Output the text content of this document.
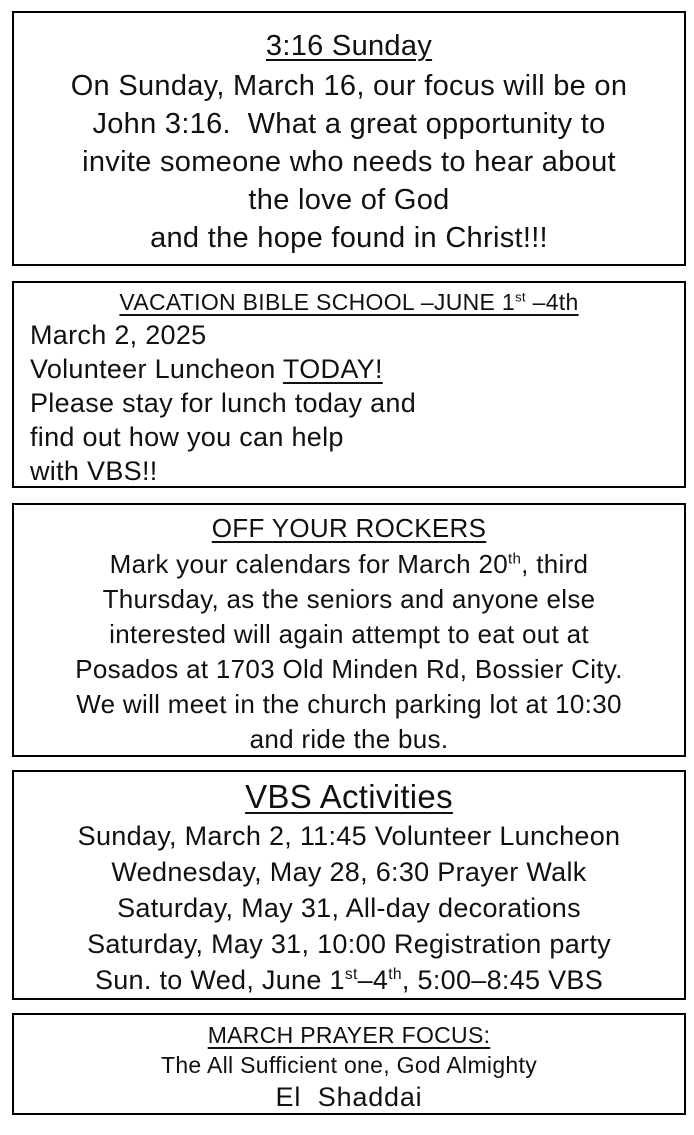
3:16 Sunday
On Sunday, March 16, our focus will be on
John 3:16.  What a great opportunity to
invite someone who needs to hear about
the love of God
and the hope found in Christ!!!
VACATION BIBLE SCHOOL –JUNE 1st –4th
March 2, 2025
Volunteer Luncheon TODAY!
Please stay for lunch today and
find out how you can help
with VBS!!
OFF YOUR ROCKERS
Mark your calendars for March 20th, third
Thursday, as the seniors and anyone else
interested will again attempt to eat out at
Posados at 1703 Old Minden Rd, Bossier City.
We will meet in the church parking lot at 10:30
and ride the bus.
VBS Activities
Sunday, March 2, 11:45 Volunteer Luncheon
Wednesday, May 28, 6:30 Prayer Walk
Saturday, May 31, All-day decorations
Saturday, May 31, 10:00 Registration party
Sun. to Wed, June 1st–4th, 5:00–8:45 VBS
MARCH PRAYER FOCUS:
The All Sufficient one, God Almighty
El  Shaddai
